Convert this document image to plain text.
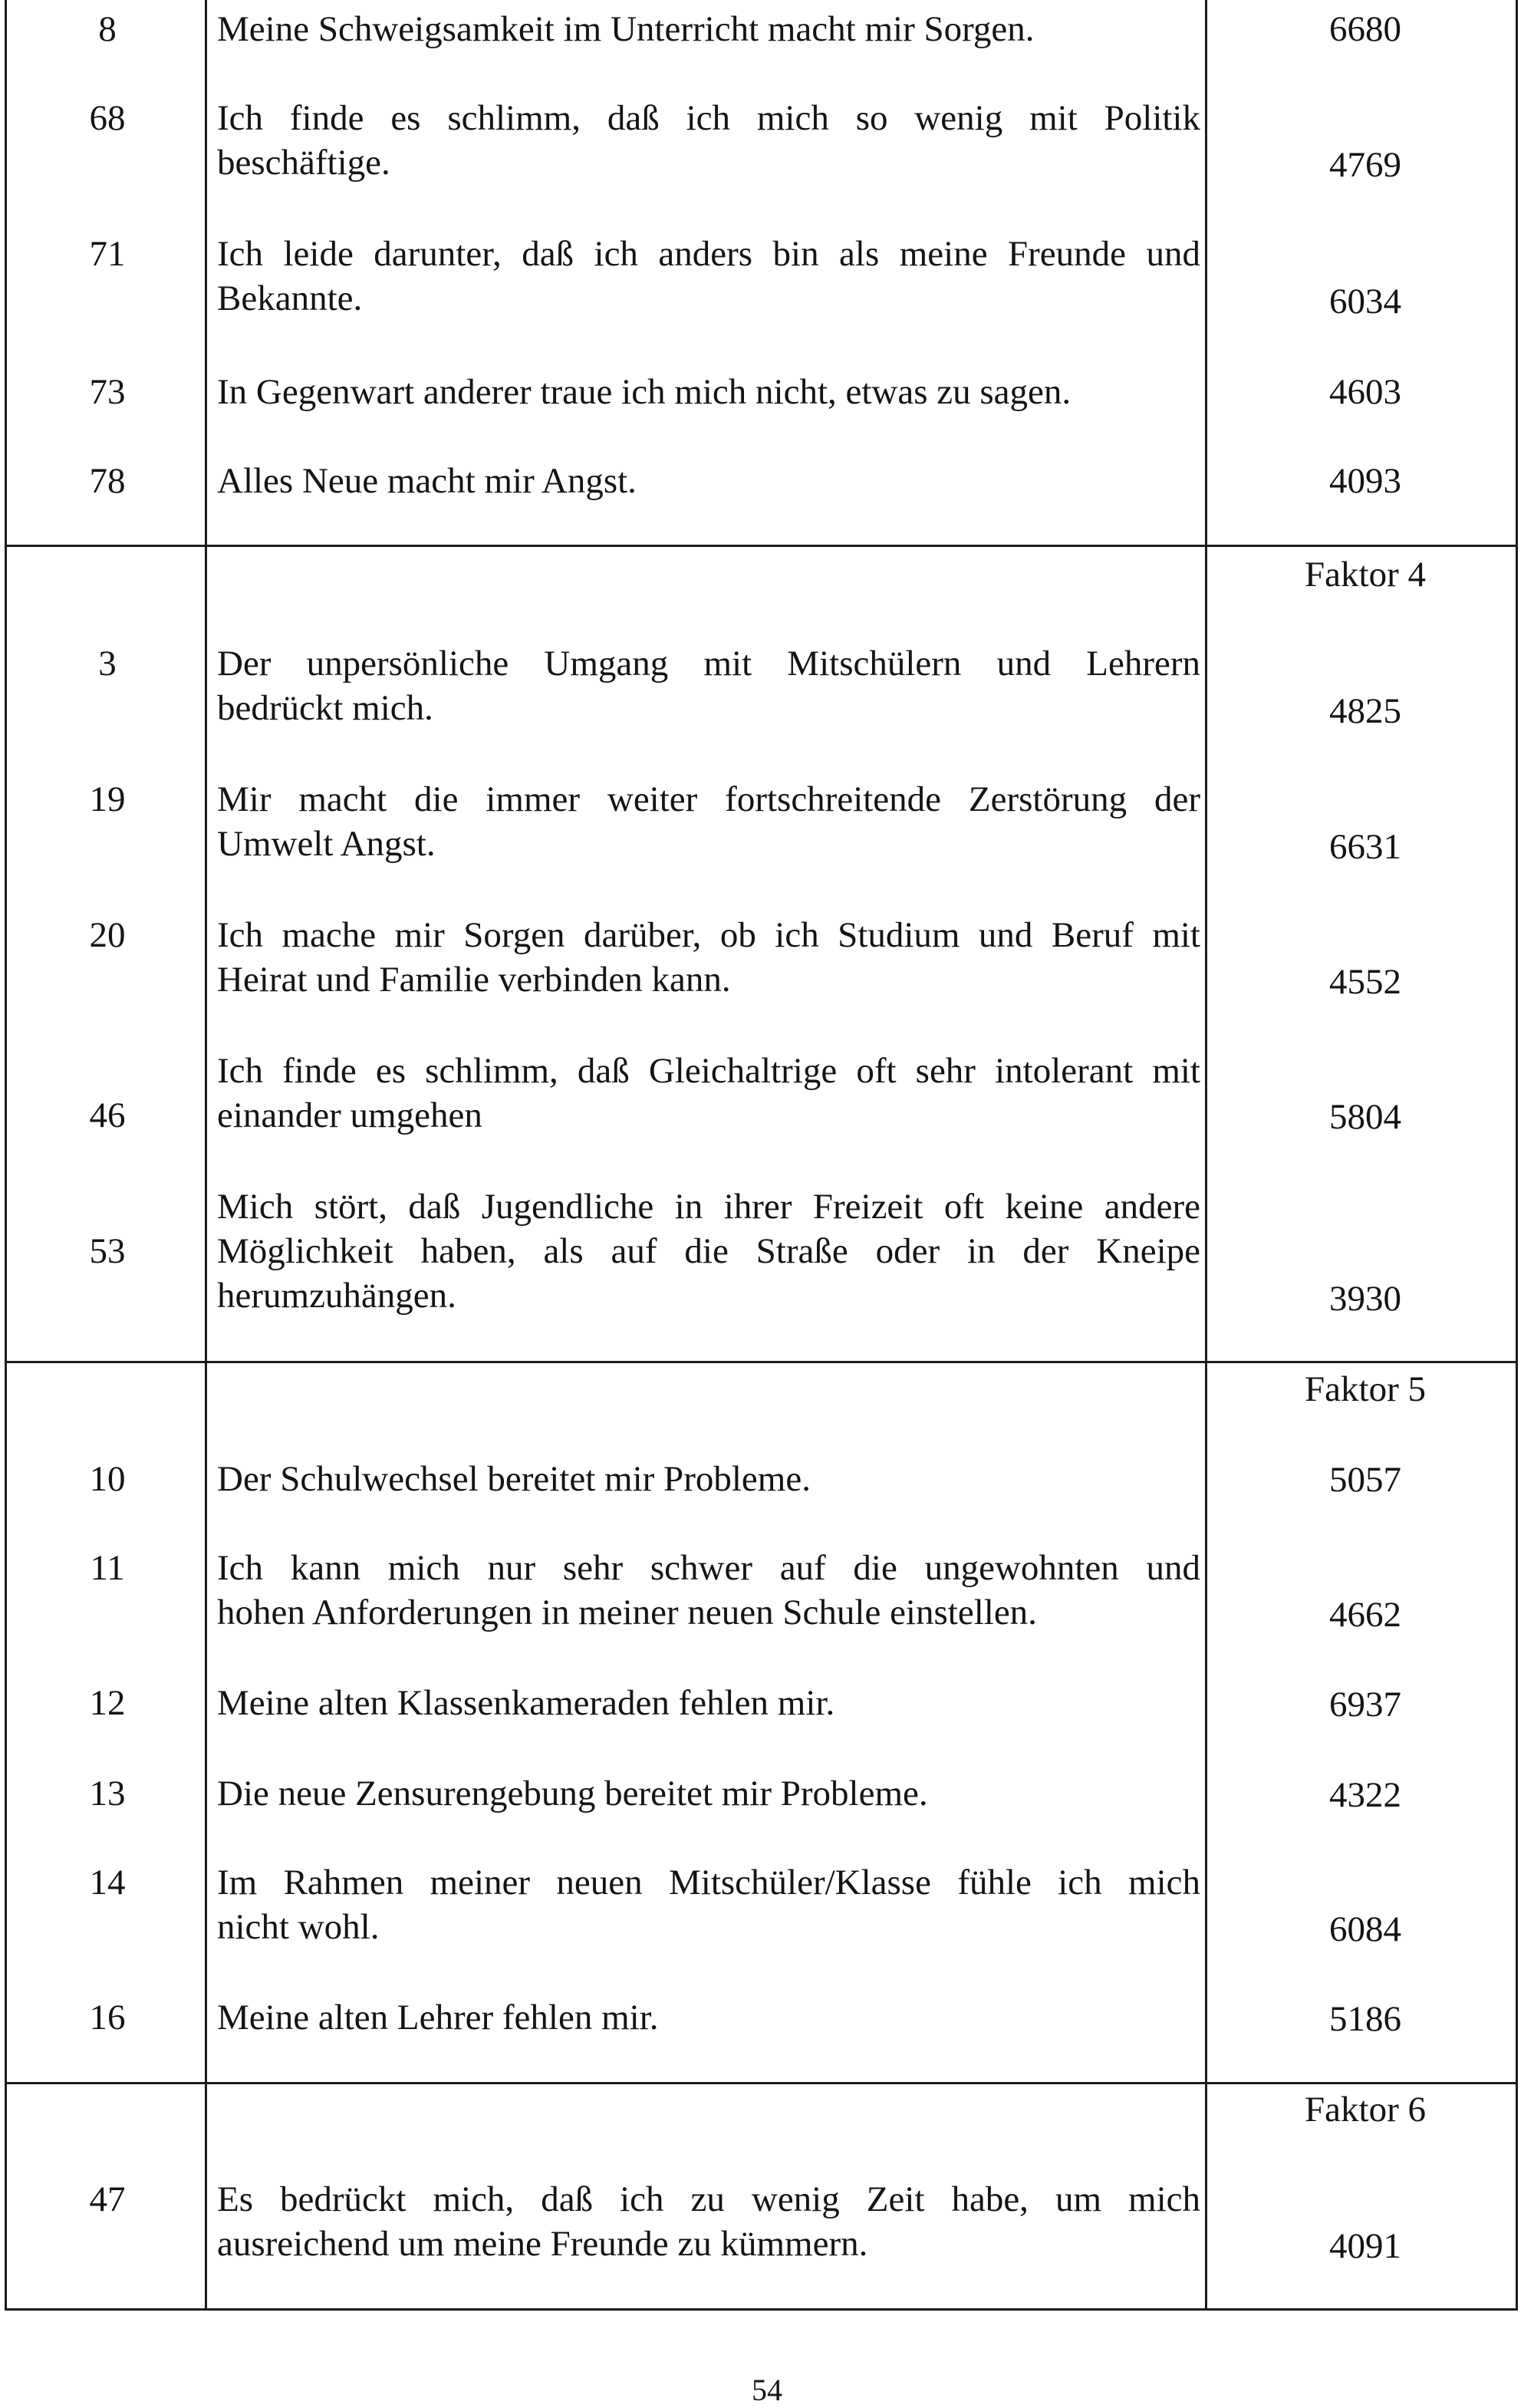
8	Meine Schweigsamkeit im Unterricht macht mir Sorgen.	6680
68	Ich finde es schlimm, daß ich mich so wenig mit Politik
beschäftige.	4769
71	Ich leide darunter, daß ich anders bin als meine Freunde und
Bekannte.	6034
73	In Gegenwart anderer traue ich mich nicht, etwas zu sagen.	4603
78	Alles Neue macht mir Angst.	4093
Faktor 4
3	Der unpersönliche Umgang mit Mitschülern und Lehrern
bedrückt mich.	4825
19	Mir macht die immer weiter fortschreitende Zerstörung der
Umwelt Angst.	6631
20	Ich mache mir Sorgen darüber, ob ich Studium und Beruf mit
Heirat und Familie verbinden kann.	4552
Ich finde es schlimm, daß Gleichaltrige oft sehr intolerant mit
46	einander umgehen	5804
Mich stört, daß Jugendliche in ihrer Freizeit oft keine andere
53	Möglichkeit haben, als auf die Straße oder in der Kneipe
herumzuhängen.	3930
Faktor 5
10	Der Schulwechsel bereitet mir Probleme.	5057
11	Ich kann mich nur sehr schwer auf die ungewohnten und
hohen Anforderungen in meiner neuen Schule einstellen.	4662
12	Meine alten Klassenkameraden fehlen mir.	6937
13	Die neue Zensurengebung bereitet mir Probleme.	4322
14	Im Rahmen meiner neuen Mitschüler/Klasse fühle ich mich
nicht wohl.	6084
16	Meine alten Lehrer fehlen mir.	5186
Faktor 6
47	Es bedrückt mich, daß ich zu wenig Zeit habe, um mich
ausreichend um meine Freunde zu kümmern.	4091
54
